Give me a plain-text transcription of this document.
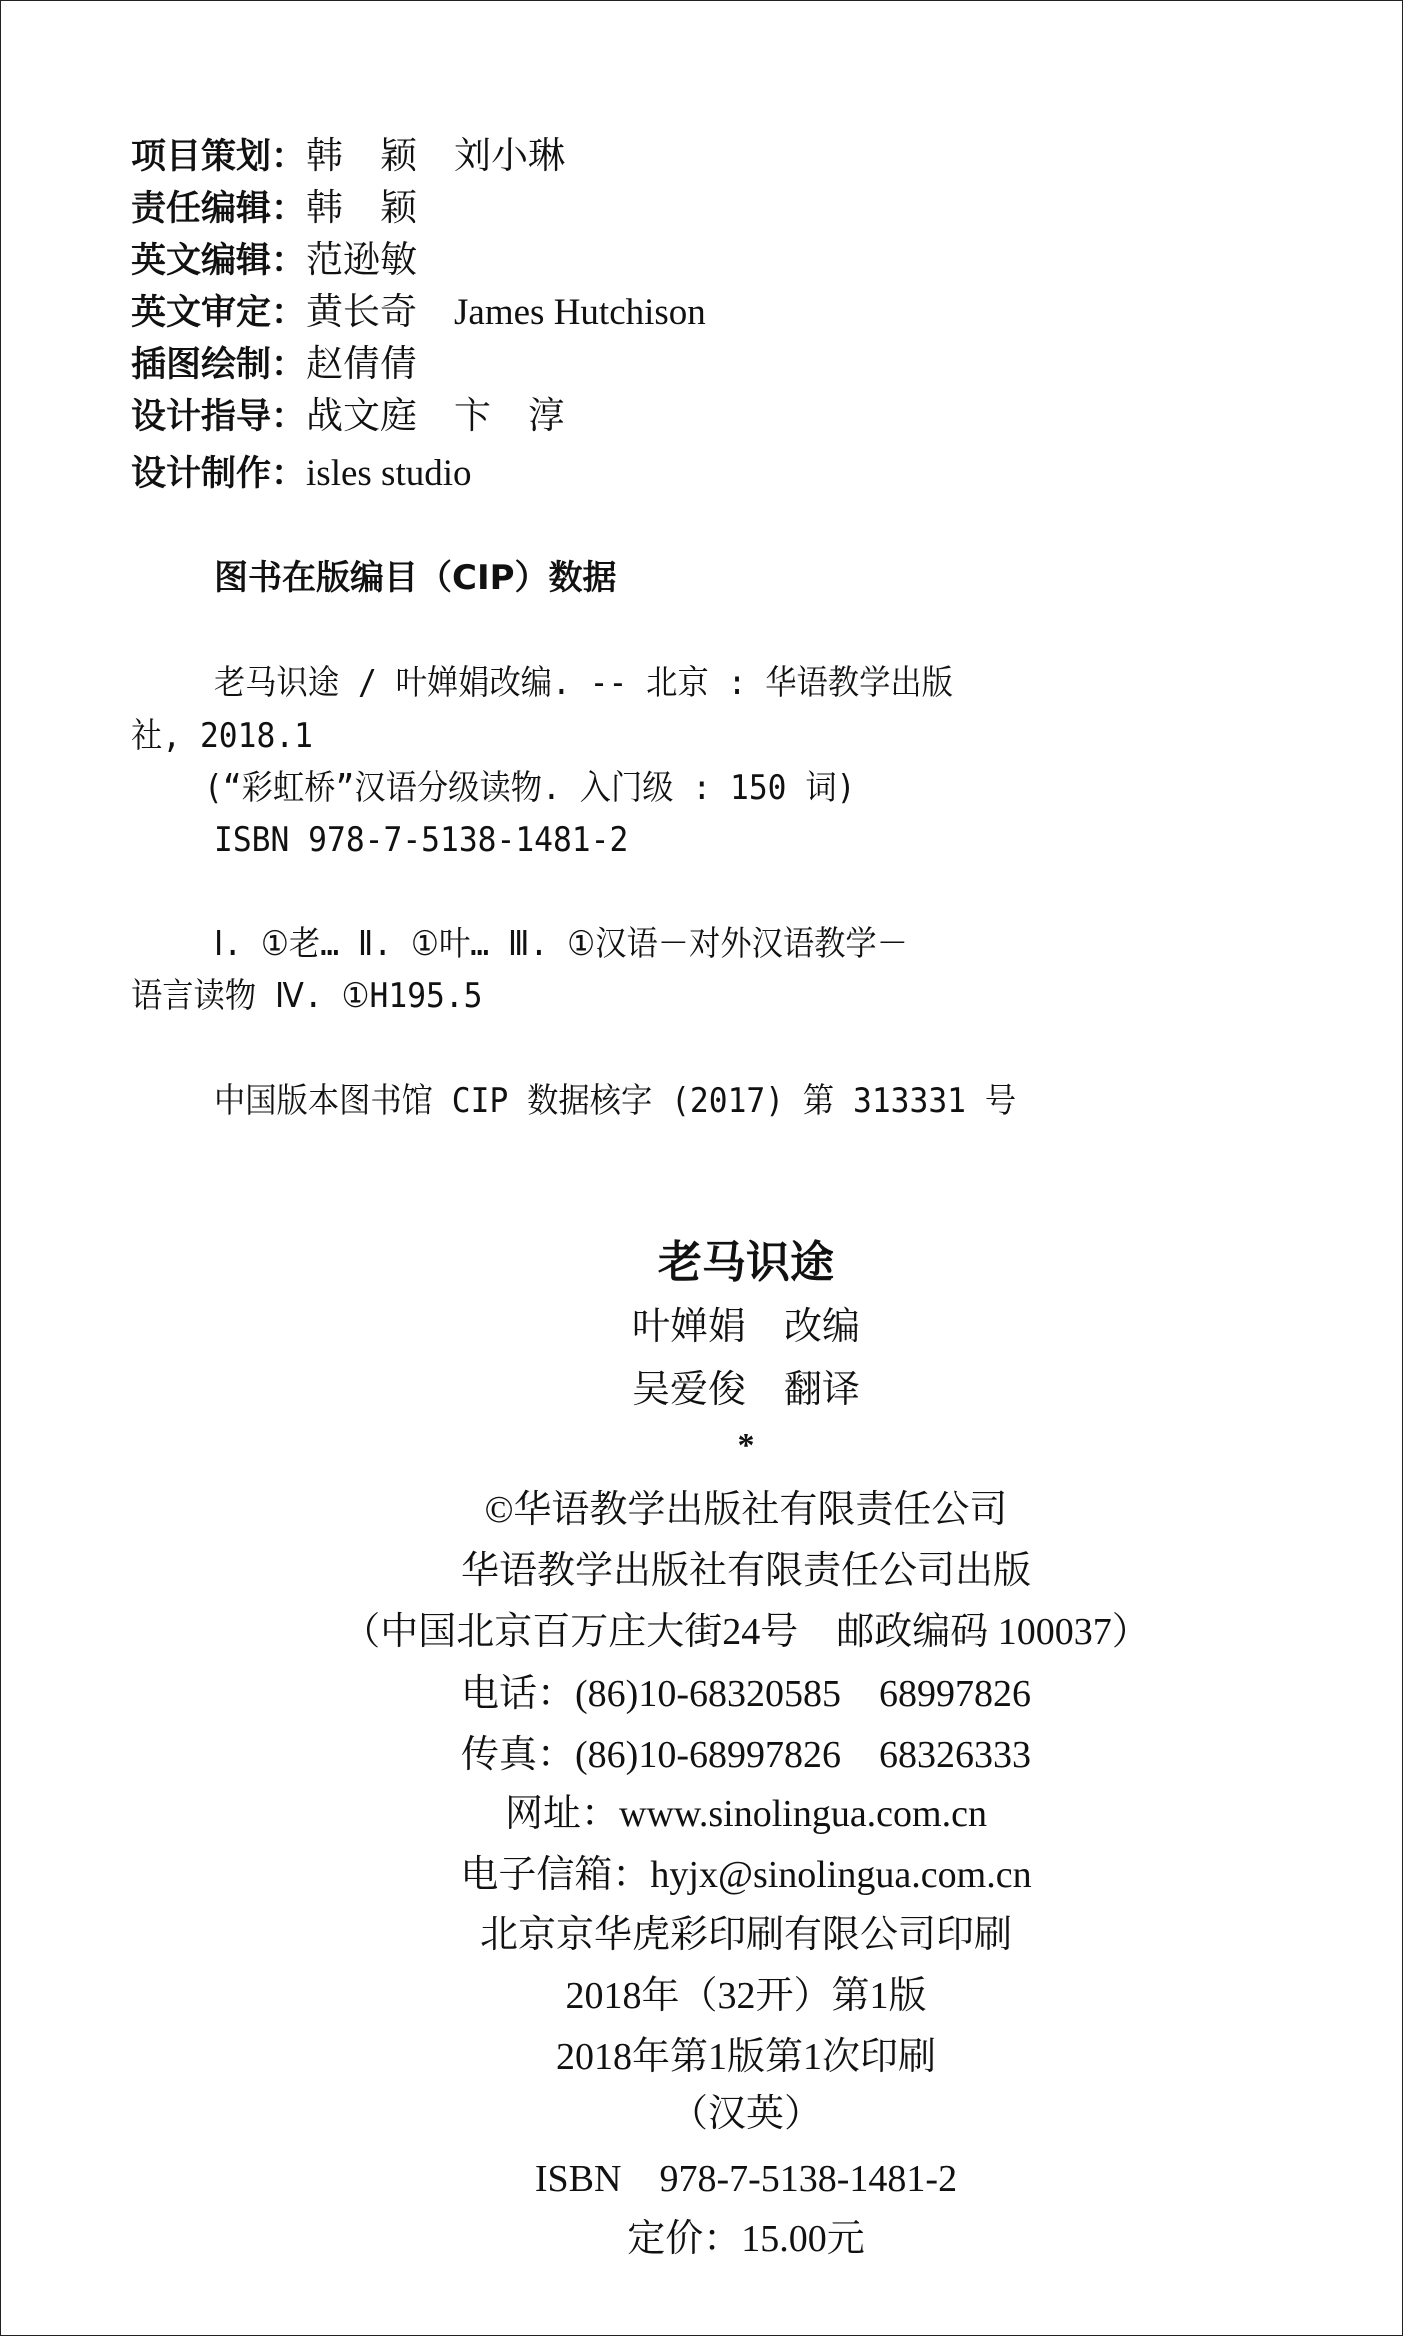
项目策划：韩　颖　刘小琳
责任编辑：韩　颖
英文编辑：范逊敏
英文审定：黄长奇　James Hutchison
插图绘制：赵倩倩
设计指导：战文庭　卞　淳
设计制作：isles studio
图书在版编目（CIP）数据
老马识途 / 叶婵娟改编. -- 北京 : 华语教学出版
社, 2018.1
(“彩虹桥”汉语分级读物. 入门级 : 150 词)
ISBN 978-7-5138-1481-2
Ⅰ. ①老… Ⅱ. ①叶… Ⅲ. ①汉语－对外汉语教学－
语言读物 Ⅳ. ①H195.5
中国版本图书馆 CIP 数据核字 (2017) 第 313331 号
老马识途
叶婵娟　改编
吴爱俊　翻译
*
©华语教学出版社有限责任公司
华语教学出版社有限责任公司出版
（中国北京百万庄大街24号　邮政编码 100037）
电话：(86)10-68320585　68997826
传真：(86)10-68997826　68326333
网址：www.sinolingua.com.cn
电子信箱：hyjx@sinolingua.com.cn
北京京华虎彩印刷有限公司印刷
2018年（32开）第1版
2018年第1版第1次印刷
（汉英）
ISBN　978-7-5138-1481-2
定价：15.00元
